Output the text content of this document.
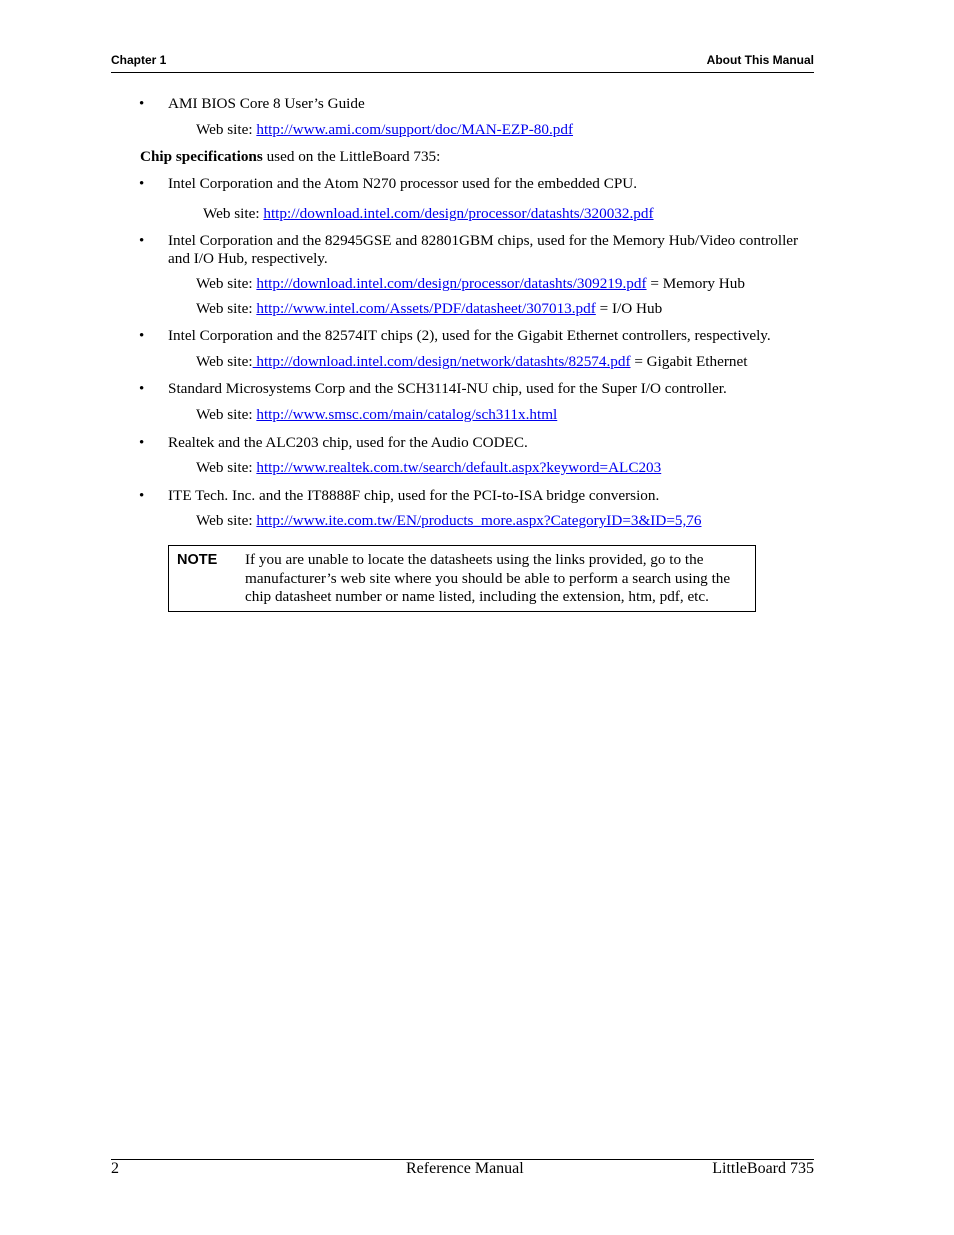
Chapter 1	About This Manual
• AMI BIOS Core 8 User’s Guide
Web site: http://www.ami.com/support/doc/MAN-EZP-80.pdf
Chip specifications used on the LittleBoard 735:
• Intel Corporation and the Atom N270 processor used for the embedded CPU.
Web site: http://download.intel.com/design/processor/datashts/320032.pdf
• Intel Corporation and the 82945GSE and 82801GBM chips, used for the Memory Hub/Video controller and I/O Hub, respectively.
Web site: http://download.intel.com/design/processor/datashts/309219.pdf = Memory Hub
Web site: http://www.intel.com/Assets/PDF/datasheet/307013.pdf = I/O Hub
• Intel Corporation and the 82574IT chips (2), used for the Gigabit Ethernet controllers, respectively.
Web site: http://download.intel.com/design/network/datashts/82574.pdf = Gigabit Ethernet
• Standard Microsystems Corp and the SCH3114I-NU chip, used for the Super I/O controller.
Web site: http://www.smsc.com/main/catalog/sch311x.html
• Realtek and the ALC203 chip, used for the Audio CODEC.
Web site: http://www.realtek.com.tw/search/default.aspx?keyword=ALC203
• ITE Tech. Inc. and the IT8888F chip, used for the PCI-to-ISA bridge conversion.
Web site: http://www.ite.com.tw/EN/products_more.aspx?CategoryID=3&ID=5,76
NOTE If you are unable to locate the datasheets using the links provided, go to the manufacturer’s web site where you should be able to perform a search using the chip datasheet number or name listed, including the extension, htm, pdf, etc.
2	Reference Manual	LittleBoard 735
